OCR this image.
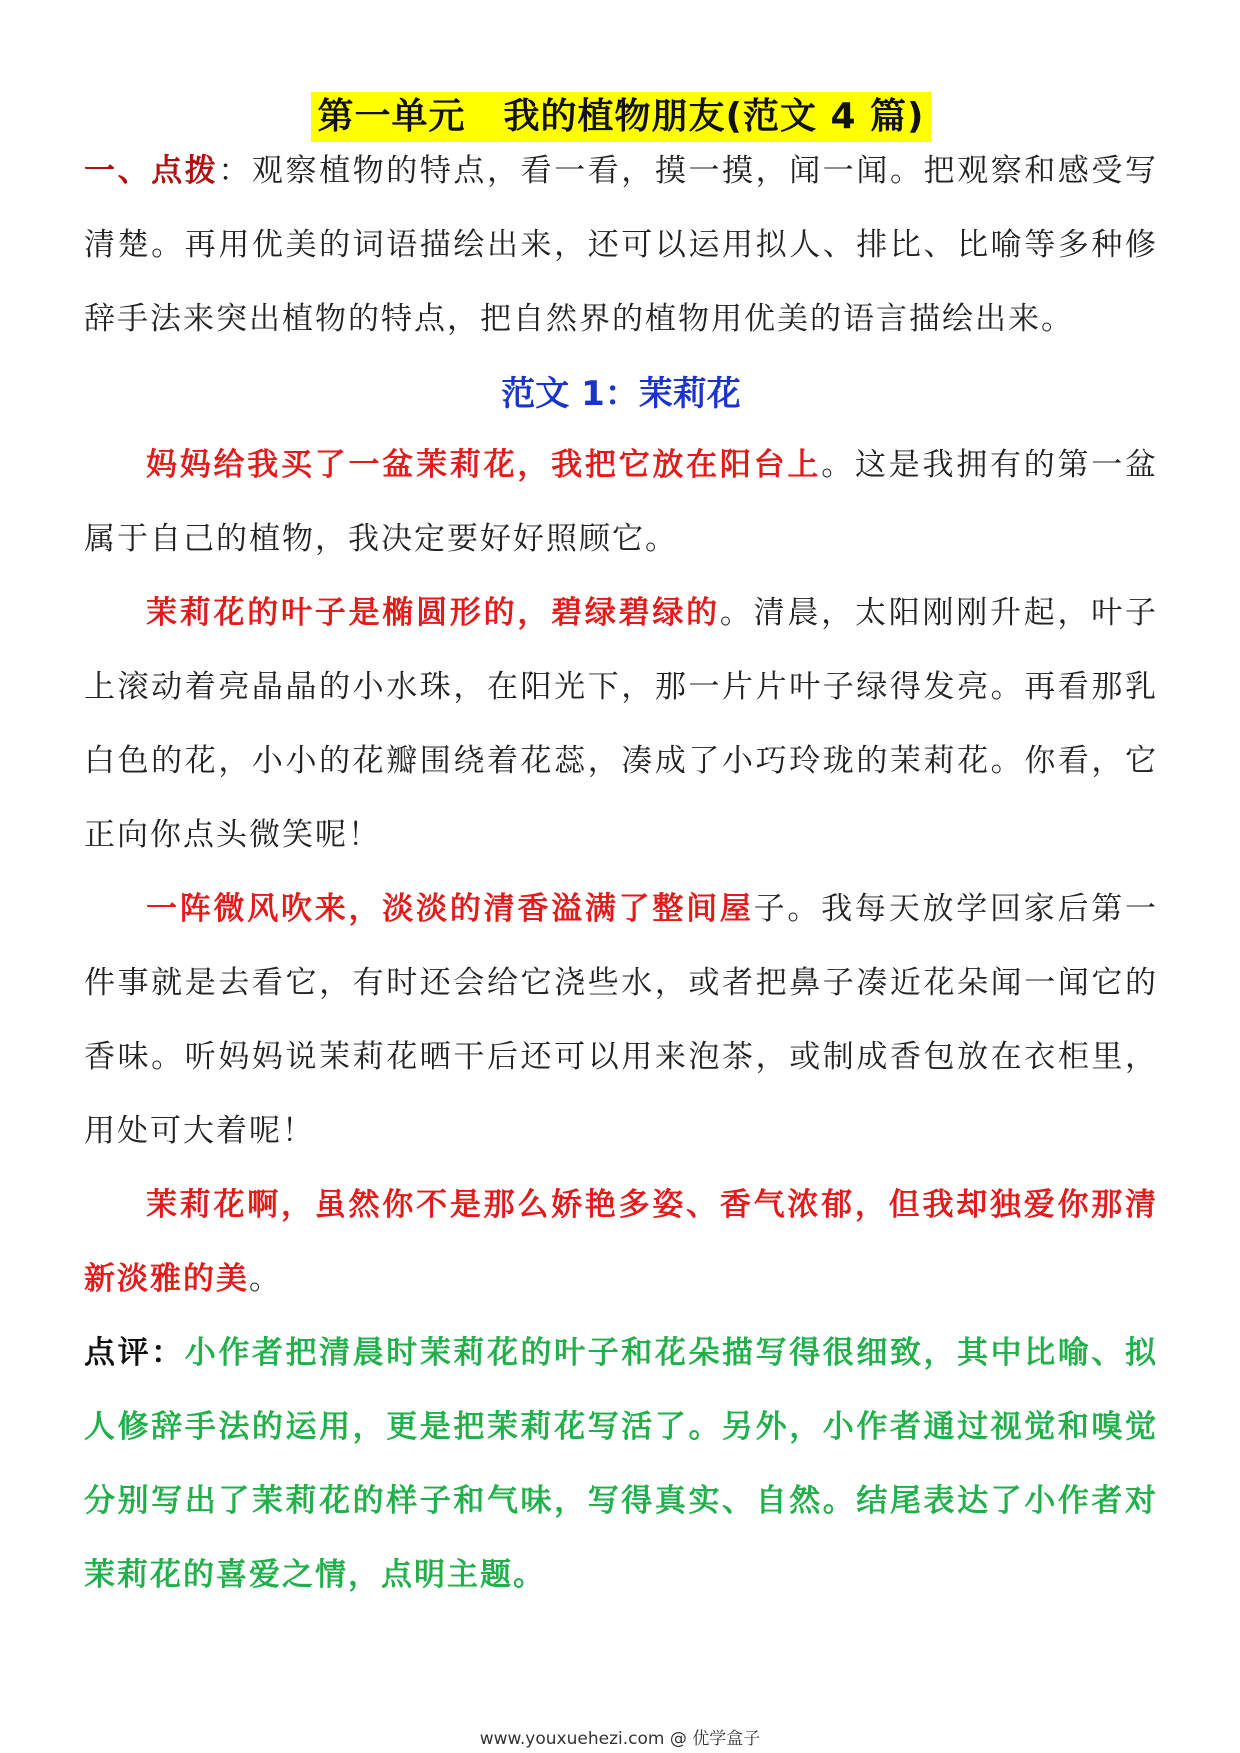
第一单元 我的植物朋友(范文 4 篇)

一、点拨：观察植物的特点，看一看，摸一摸，闻一闻。把观察和感受写清楚。再用优美的词语描绘出来，还可以运用拟人、排比、比喻等多种修辞手法来突出植物的特点，把自然界的植物用优美的语言描绘出来。

范文 1：茉莉花

妈妈给我买了一盆茉莉花，我把它放在阳台上。这是我拥有的第一盆属于自己的植物，我决定要好好照顾它。

茉莉花的叶子是椭圆形的，碧绿碧绿的。清晨，太阳刚刚升起，叶子上滚动着亮晶晶的小水珠，在阳光下，那一片片叶子绿得发亮。再看那乳白色的花，小小的花瓣围绕着花蕊，凑成了小巧玲珑的茉莉花。你看，它正向你点头微笑呢！

一阵微风吹来，淡淡的清香溢满了整间屋子。我每天放学回家后第一件事就是去看它，有时还会给它浇些水，或者把鼻子凑近花朵闻一闻它的香味。听妈妈说茉莉花晒干后还可以用来泡茶，或制成香包放在衣柜里，用处可大着呢！

茉莉花啊，虽然你不是那么娇艳多姿、香气浓郁，但我却独爱你那清新淡雅的美。

点评：小作者把清晨时茉莉花的叶子和花朵描写得很细致，其中比喻、拟人修辞手法的运用，更是把茉莉花写活了。另外，小作者通过视觉和嗅觉分别写出了茉莉花的样子和气味，写得真实、自然。结尾表达了小作者对茉莉花的喜爱之情，点明主题。

www.youxuehezi.com @ 优学盒子
